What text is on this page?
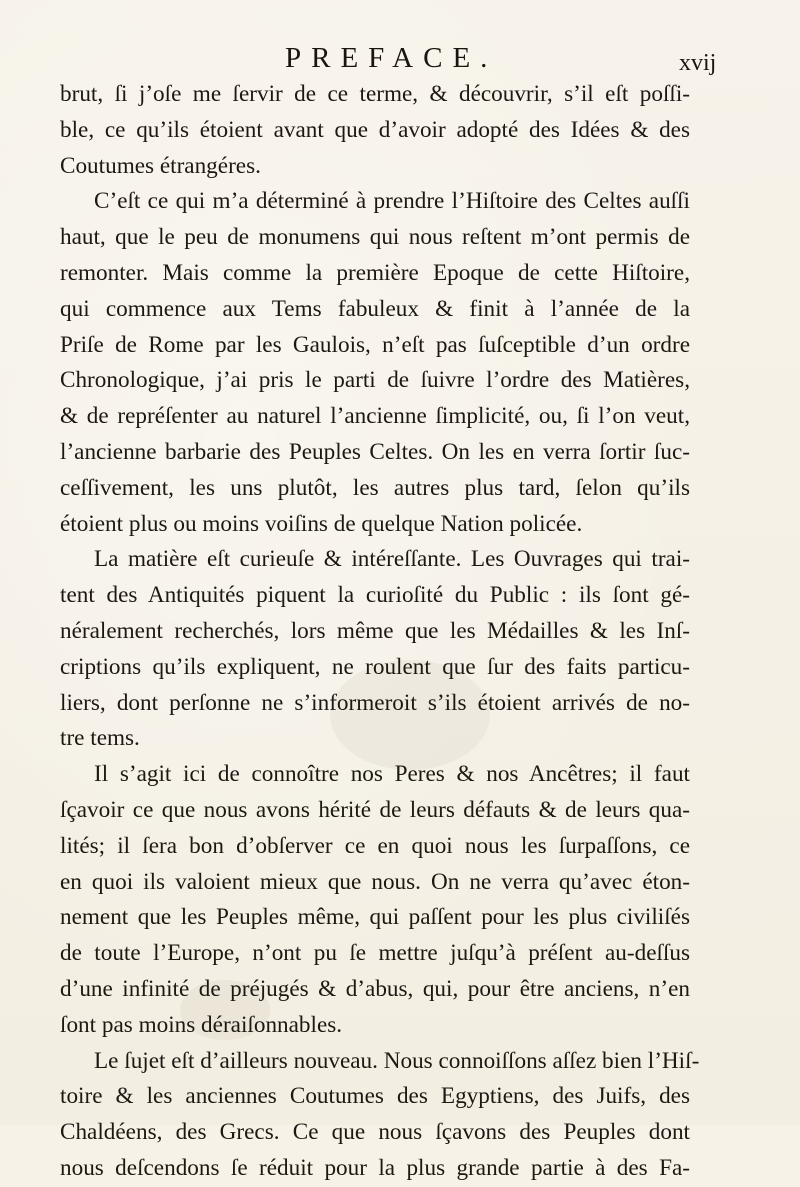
PREFACE.	xvij
brut, ſi j’oſe me ſervir de ce terme, & découvrir, s’il eſt poſſi-
ble, ce qu’ils étoient avant que d’avoir adopté des Idées & des
Coutumes étrangéres.
C’eſt ce qui m’a déterminé à prendre l’Hiſtoire des Celtes auſſi
haut, que le peu de monumens qui nous reſtent m’ont permis de
remonter. Mais comme la première Epoque de cette Hiſtoire,
qui commence aux Tems fabuleux & finit à l’année de la
Priſe de Rome par les Gaulois, n’eſt pas ſuſceptible d’un ordre
Chronologique, j’ai pris le parti de ſuivre l’ordre des Matières,
& de repréſenter au naturel l’ancienne ſimplicité, ou, ſi l’on veut,
l’ancienne barbarie des Peuples Celtes. On les en verra ſortir ſuc-
ceſſivement, les uns plutôt, les autres plus tard, ſelon qu’ils
étoient plus ou moins voiſins de quelque Nation policée.
La matière eſt curieuſe & intéreſſante. Les Ouvrages qui trai-
tent des Antiquités piquent la curioſité du Public : ils ſont gé-
néralement recherchés, lors même que les Médailles & les Inſ-
criptions qu’ils expliquent, ne roulent que ſur des faits particu-
liers, dont perſonne ne s’informeroit s’ils étoient arrivés de no-
tre tems.
Il s’agit ici de connoître nos Peres & nos Ancêtres; il faut
ſçavoir ce que nous avons hérité de leurs défauts & de leurs qua-
lités; il ſera bon d’obſerver ce en quoi nous les ſurpaſſons, ce
en quoi ils valoient mieux que nous. On ne verra qu’avec éton-
nement que les Peuples même, qui paſſent pour les plus civiliſés
de toute l’Europe, n’ont pu ſe mettre juſqu’à préſent au-deſſus
d’une infinité de préjugés & d’abus, qui, pour être anciens, n’en
ſont pas moins déraiſonnables.
Le ſujet eſt d’ailleurs nouveau. Nous connoiſſons aſſez bien l’Hiſ-
toire & les anciennes Coutumes des Egyptiens, des Juifs, des
Chaldéens, des Grecs. Ce que nous ſçavons des Peuples dont
nous deſcendons ſe réduit pour la plus grande partie à des Fa-
